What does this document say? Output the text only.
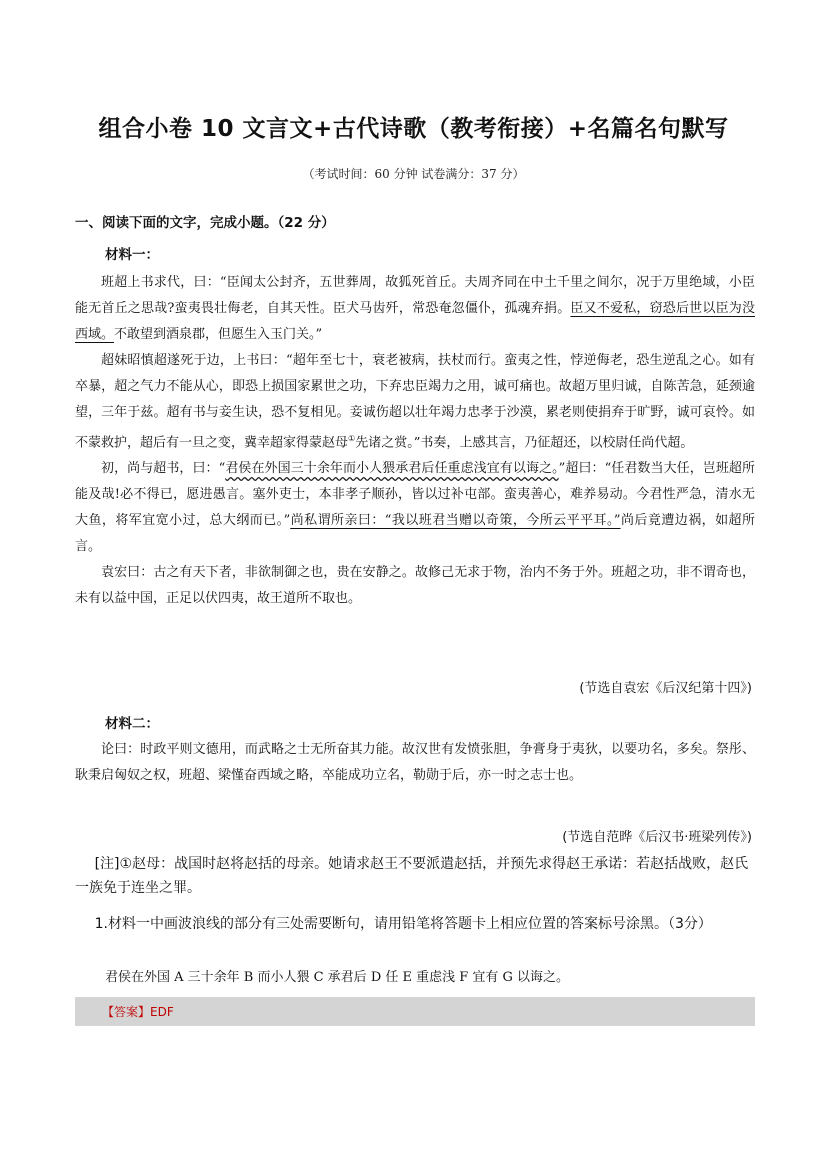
组合小卷 10 文言文+古代诗歌（教考衔接）+名篇名句默写
（考试时间：60 分钟 试卷满分：37 分）
一、阅读下面的文字，完成小题。（22 分）
材料一：

班超上书求代，曰：“臣闻太公封齐，五世葬周，故狐死首丘。夫周齐同在中土千里之间尔，况于万里绝域，小臣能无首丘之思哉?蛮夷畏壮侮老，自其天性。臣犬马齿歼，常恐奄忽僵仆，孤魂弃捐。臣又不爱私，窃恐后世以臣为没西域。不敢望到酒泉郡，但愿生入玉门关。”

超妹昭慎超遂死于边，上书曰：“超年至七十，衰老被病，扶杖而行。蛮夷之性，悖逆侮老，恐生逆乱之心。如有卒暴，超之气力不能从心，即恐上损国家累世之功，下弃忠臣竭力之用，诚可痛也。故超万里归诚，自陈苦急，延颈逾望，三年于兹。超有书与妾生诀，恐不复相见。妾诚伤超以壮年竭力忠孝于沙漠，累老则使捐弃于旷野，诚可哀怜。如不蒙救护，超后有一旦之变，冀幸超家得蒙赵母①先诸之赏。”书奏，上感其言，乃征超还，以校尉任尚代超。

初，尚与超书，曰：“君侯在外国三十余年而小人猥承君后任重虑浅宜有以诲之。”超曰：“任君数当大任，岂班超所能及哉!必不得已，愿进愚言。塞外吏士，本非孝子顺孙，皆以过补屯部。蛮夷善心，难养易动。今君性严急，清水无大鱼，将军宜宽小过，总大纲而已。”尚私谓所亲曰：“我以班君当赠以奇策，今所云平平耳。”尚后竟遭边祸，如超所言。

袁宏曰：古之有天下者，非欲制御之也，贵在安静之。故修己无求于物，治内不务于外。班超之功，非不谓奇也，未有以益中国，正足以伏四夷，故王道所不取也。

(节选自袁宏《后汉纪第十四》)
材料二：

论曰：时政平则文德用，而武略之士无所奋其力能。故汉世有发愤张胆，争膏身于夷狄，以要功名，多矣。祭彤、耿秉启匈奴之权，班超、梁慬奋西域之略，卒能成功立名，勒勋于后，亦一时之志士也。

(节选自范晔《后汉书·班梁列传》)

[注]①赵母：战国时赵将赵括的母亲。她请求赵王不要派遣赵括，并预先求得赵王承诺：若赵括战败，赵氏一族免于连坐之罪。

1.材料一中画波浪线的部分有三处需要断句，请用铅笔将答题卡上相应位置的答案标号涂黑。（3分）

君侯在外国 A 三十余年 B 而小人猥 C 承君后 D 任 E 重虑浅 F 宜有 G 以诲之。
【答案】EDF
